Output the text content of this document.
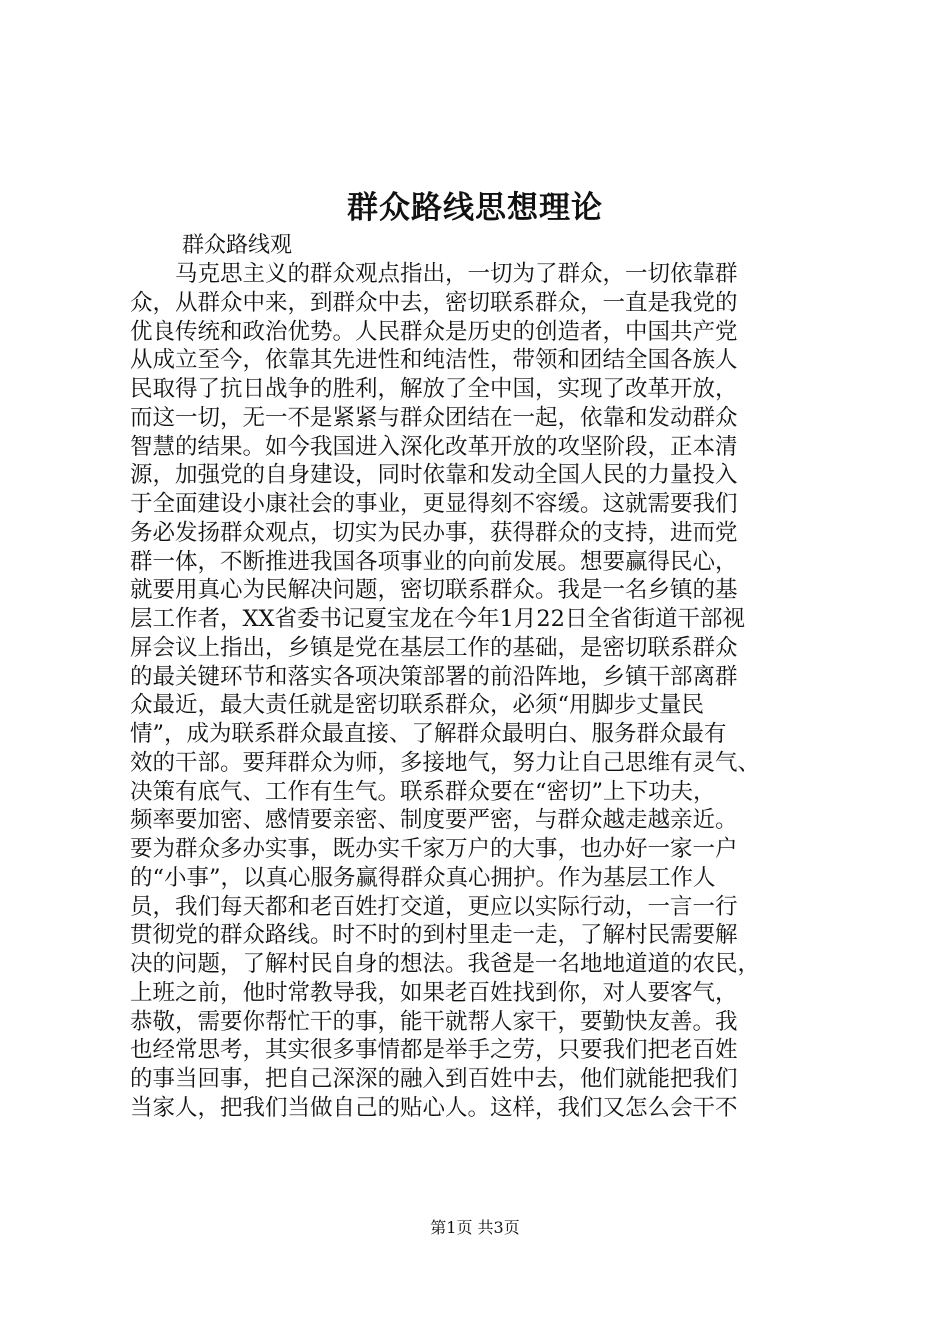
群众路线思想理论

群众路线观

　　马克思主义的群众观点指出，一切为了群众，一切依靠群
众，从群众中来，到群众中去，密切联系群众，一直是我党的
优良传统和政治优势。人民群众是历史的创造者，中国共产党
从成立至今，依靠其先进性和纯洁性，带领和团结全国各族人
民取得了抗日战争的胜利，解放了全中国，实现了改革开放，
而这一切，无一不是紧紧与群众团结在一起，依靠和发动群众
智慧的结果。如今我国进入深化改革开放的攻坚阶段，正本清
源，加强党的自身建设，同时依靠和发动全国人民的力量投入
于全面建设小康社会的事业，更显得刻不容缓。这就需要我们
务必发扬群众观点，切实为民办事，获得群众的支持，进而党
群一体，不断推进我国各项事业的向前发展。想要赢得民心，
就要用真心为民解决问题，密切联系群众。我是一名乡镇的基
层工作者，XX省委书记夏宝龙在今年1月22日全省街道干部视
屏会议上指出，乡镇是党在基层工作的基础，是密切联系群众
的最关键环节和落实各项决策部署的前沿阵地，乡镇干部离群
众最近，最大责任就是密切联系群众，必须“用脚步丈量民
情”，成为联系群众最直接、了解群众最明白、服务群众最有
效的干部。要拜群众为师，多接地气，努力让自己思维有灵气、
决策有底气、工作有生气。联系群众要在“密切”上下功夫，
频率要加密、感情要亲密、制度要严密，与群众越走越亲近。
要为群众多办实事，既办实千家万户的大事，也办好一家一户
的“小事”，以真心服务赢得群众真心拥护。作为基层工作人
员，我们每天都和老百姓打交道，更应以实际行动，一言一行
贯彻党的群众路线。时不时的到村里走一走，了解村民需要解
决的问题，了解村民自身的想法。我爸是一名地地道道的农民，
上班之前，他时常教导我，如果老百姓找到你，对人要客气，
恭敬，需要你帮忙干的事，能干就帮人家干，要勤快友善。我
也经常思考，其实很多事情都是举手之劳，只要我们把老百姓
的事当回事，把自己深深的融入到百姓中去，他们就能把我们
当家人，把我们当做自己的贴心人。这样，我们又怎么会干不
第1页 共3页
